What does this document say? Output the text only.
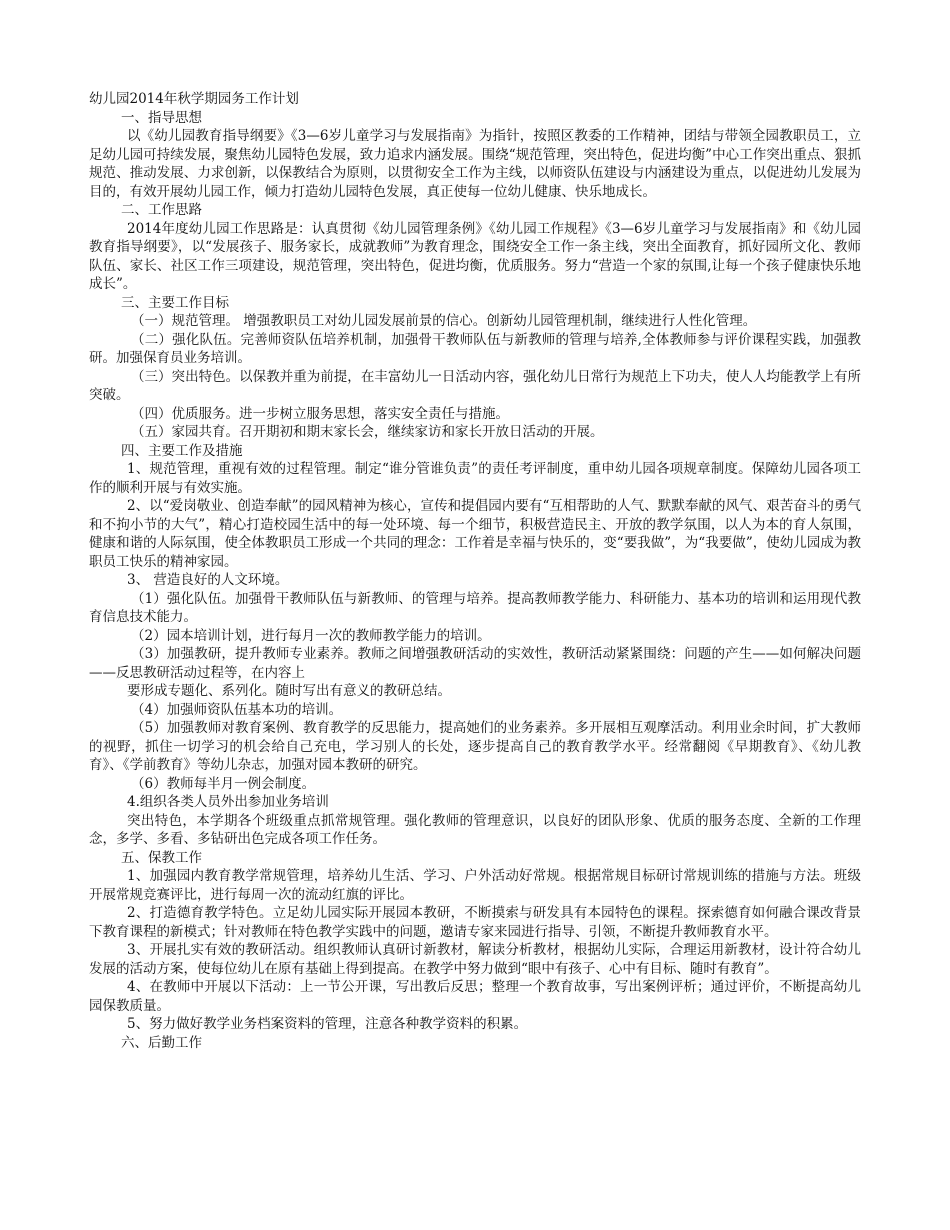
幼儿园2014年秋学期园务工作计划

一、指导思想

以《幼儿园教育指导纲要》《3—6岁儿童学习与发展指南》为指针，按照区教委的工作精神，团结与带领全园教职员工，立足幼儿园可持续发展，聚焦幼儿园特色发展，致力追求内涵发展。围绕“规范管理，突出特色，促进均衡”中心工作突出重点、狠抓规范、推动发展、力求创新，以保教结合为原则，以贯彻安全工作为主线，以师资队伍建设与内涵建设为重点，以促进幼儿发展为目的，有效开展幼儿园工作，倾力打造幼儿园特色发展，真正使每一位幼儿健康、快乐地成长。

二、工作思路

2014年度幼儿园工作思路是：认真贯彻《幼儿园管理条例》《幼儿园工作规程》《3—6岁儿童学习与发展指南》和《幼儿园教育指导纲要》，以“发展孩子、服务家长，成就教师”为教育理念，围绕安全工作一条主线，突出全面教育，抓好园所文化、教师队伍、家长、社区工作三项建设，规范管理，突出特色，促进均衡，优质服务。努力“营造一个家的氛围,让每一个孩子健康快乐地成长”。

三、主要工作目标

（一）规范管理。 增强教职员工对幼儿园发展前景的信心。创新幼儿园管理机制，继续进行人性化管理。

（二）强化队伍。完善师资队伍培养机制，加强骨干教师队伍与新教师的管理与培养,全体教师参与评价课程实践，加强教研。加强保育员业务培训。

（三）突出特色。以保教并重为前提，在丰富幼儿一日活动内容，强化幼儿日常行为规范上下功夫，使人人均能教学上有所突破。

（四）优质服务。进一步树立服务思想，落实安全责任与措施。

（五）家园共育。召开期初和期末家长会，继续家访和家长开放日活动的开展。

四、主要工作及措施

1、规范管理，重视有效的过程管理。制定“谁分管谁负责”的责任考评制度，重申幼儿园各项规章制度。保障幼儿园各项工作的顺利开展与有效实施。

2、以“爱岗敬业、创造奉献”的园风精神为核心，宣传和提倡园内要有“互相帮助的人气、默默奉献的风气、艰苦奋斗的勇气和不拘小节的大气”，精心打造校园生活中的每一处环境、每一个细节，积极营造民主、开放的教学氛围，以人为本的育人氛围，健康和谐的人际氛围，使全体教职员工形成一个共同的理念：工作着是幸福与快乐的，变“要我做”，为“我要做”，使幼儿园成为教职员工快乐的精神家园。

3、 营造良好的人文环境。

（1）强化队伍。加强骨干教师队伍与新教师、的管理与培养。提高教师教学能力、科研能力、基本功的培训和运用现代教育信息技术能力。

（2）园本培训计划，进行每月一次的教师教学能力的培训。

（3）加强教研，提升教师专业素养。教师之间增强教研活动的实效性，教研活动紧紧围绕：问题的产生——如何解决问题——反思教研活动过程等，在内容上

要形成专题化、系列化。随时写出有意义的教研总结。

（4）加强师资队伍基本功的培训。

（5）加强教师对教育案例、教育教学的反思能力，提高她们的业务素养。多开展相互观摩活动。利用业余时间，扩大教师的视野，抓住一切学习的机会给自己充电，学习别人的长处，逐步提高自己的教育教学水平。经常翻阅《早期教育》、《幼儿教育》、《学前教育》等幼儿杂志，加强对园本教研的研究。

（6）教师每半月一例会制度。

4.组织各类人员外出参加业务培训

突出特色，本学期各个班级重点抓常规管理。强化教师的管理意识，以良好的团队形象、优质的服务态度、全新的工作理念，多学、多看、多钻研出色完成各项工作任务。

五、保教工作

1、加强园内教育教学常规管理，培养幼儿生活、学习、户外活动好常规。根据常规目标研讨常规训练的措施与方法。班级开展常规竞赛评比，进行每周一次的流动红旗的评比。

2、打造德育教学特色。立足幼儿园实际开展园本教研，不断摸索与研发具有本园特色的课程。探索德育如何融合课改背景下教育课程的新模式；针对教师在特色教学实践中的问题，邀请专家来园进行指导、引领，不断提升教师教育水平。

3、开展扎实有效的教研活动。组织教师认真研讨新教材，解读分析教材，根据幼儿实际，合理运用新教材，设计符合幼儿发展的活动方案，使每位幼儿在原有基础上得到提高。在教学中努力做到“眼中有孩子、心中有目标、随时有教育”。

4、在教师中开展以下活动：上一节公开课，写出教后反思；整理一个教育故事，写出案例评析；通过评价，不断提高幼儿园保教质量。

5、努力做好教学业务档案资料的管理，注意各种教学资料的积累。

六、后勤工作
